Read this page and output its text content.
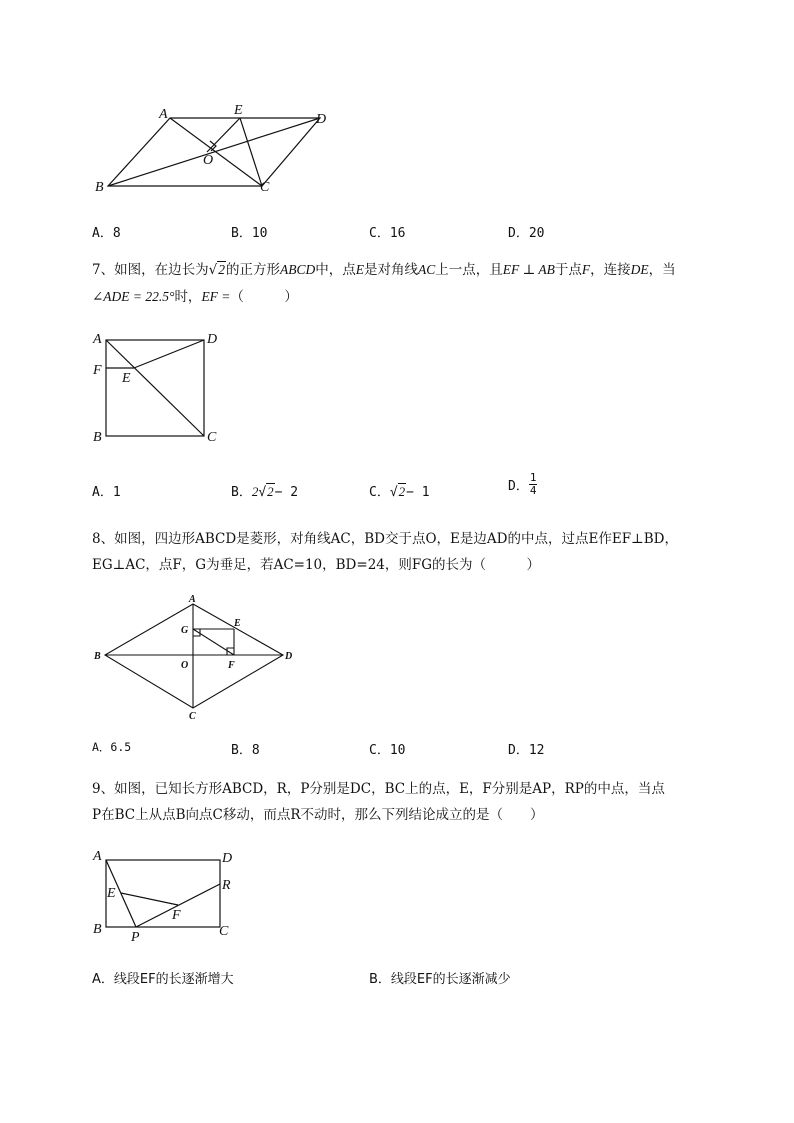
A	E
D
O
B	C
A．8	B．10	C．16	D．20
7、如图，在边长为√2的正方形ABCD中，点E是对角线AC上一点，且EF ⊥ AB于点F，连接DE，当
∠ADE = 22.5°时，EF =（　　　）
A	D
F
E
B	C
A．1	B．2√2− 2	C．√2− 1	D． $\frac{1}{4}$
8、如图，四边形ABCD是菱形，对角线AC，BD交于点O，E是边AD的中点，过点E作EF⊥BD，
EG⊥AC，点F，G为垂足，若AC=10，BD=24，则FG的长为（　　　）
A
G
E
B
O	F
D
C
A．6.5	B．8	C．10	D．12
9、如图，已知长方形ABCD，R，P分别是DC，BC上的点，E，F分别是AP，RP的中点，当点
P在BC上从点B向点C移动，而点R不动时，那么下列结论成立的是（　　）
A	D
E
R
F
B
P	C
A．线段EF的长逐渐增大	B．线段EF的长逐渐减少
